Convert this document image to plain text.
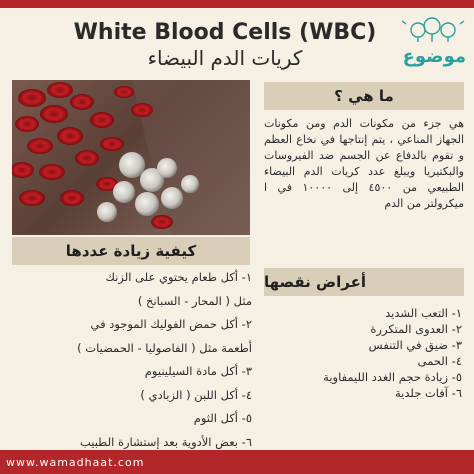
White Blood Cells (WBC)
كريات الدم البيضاء	موضوع
ما هي ؟
هي جزء من مكونات الدم ومن مكونات الجهاز المناعي ، يتم إنتاجها في نخاع العظم و تقوم بالدفاع عن الجسم ضد الفيروسات والبكتيريا ويبلغ عدد كريات الدم البيضاء الطبيعي من ٤٥٠٠ إلى ١٠٠٠٠ في ا ميكرولتر من الدم
كيفية زيادة عددها
١- أكل طعام يحتوي على الزنك
مثل ( المحار - السبانخ )
٢- أكل حمض الفوليك الموجود في
أطعمة مثل ( الفاصوليا - الحمضيات )
٣- أكل مادة السيلينيوم
٤- أكل اللبن ( الزبادي )
٥- أكل الثوم
٦- بعض الأدوية بعد إستشارة الطبيب
أعراض نقصها
١- التعب الشديد
٢- العدوى المتكررة
٣- ضيق في التنفس
٤- الحمى
٥- زيادة حجم الغدد الليمفاوية
٦- آفات جلدية
www.wamadhaat.com
